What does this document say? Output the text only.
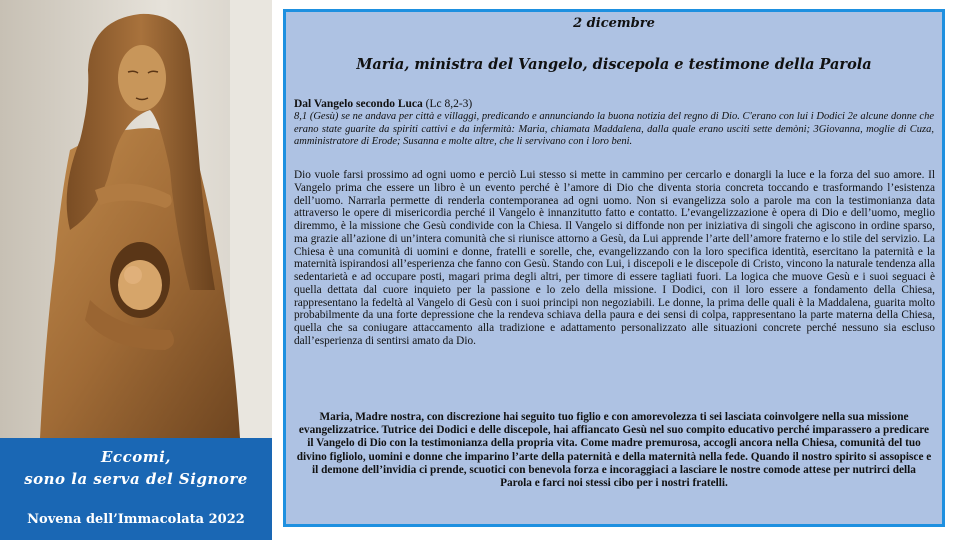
Eccomi,
sono la serva del Signore
Novena dell’Immacolata 2022
2 dicembre
Maria, ministra del Vangelo, discepola e testimone della Parola
Dal Vangelo secondo Luca (Lc 8,2-3)
8,1 (Gesù) se ne andava per città e villaggi, predicando e annunciando la buona notizia del regno di Dio. C'erano con lui i Dodici 2e alcune donne che erano state guarite da spiriti cattivi e da infermità: Maria, chiamata Maddalena, dalla quale erano usciti sette demòni; 3Giovanna, moglie di Cuza, amministratore di Erode; Susanna e molte altre, che li servivano con i loro beni.
Dio vuole farsi prossimo ad ogni uomo e perciò Lui stesso si mette in cammino per cercarlo e donargli la luce e la forza del suo amore. Il Vangelo prima che essere un libro è un evento perché è l’amore di Dio che diventa storia concreta toccando e trasformando l’esistenza dell’uomo. Narrarla permette di renderla contemporanea ad ogni uomo. Non si evangelizza solo a parole ma con la testimonianza data attraverso le opere di misericordia perché il Vangelo è innanzitutto fatto e contatto. L’evangelizzazione è opera di Dio e dell’uomo, meglio diremmo, è la missione che Gesù condivide con la Chiesa. Il Vangelo si diffonde non per iniziativa di singoli che agiscono in ordine sparso, ma grazie all’azione di un’intera comunità che si riunisce attorno a Gesù, da Lui apprende l’arte dell’amore fraterno e lo stile del servizio. La Chiesa è una comunità di uomini e donne, fratelli e sorelle, che, evangelizzando con la loro specifica identità, esercitano la paternità e la maternità ispirandosi all’esperienza che fanno con Gesù. Stando con Lui, i discepoli e le discepole di Cristo, vincono la naturale tendenza alla sedentarietà e ad occupare posti, magari prima degli altri, per timore di essere tagliati fuori. La logica che muove Gesù e i suoi seguaci è quella dettata dal cuore inquieto per la passione e lo zelo della missione. I Dodici, con il loro essere a fondamento della Chiesa, rappresentano la fedeltà al Vangelo di Gesù con i suoi principi non negoziabili. Le donne, la prima delle quali è la Maddalena, guarita molto probabilmente da una forte depressione che la rendeva schiava della paura e dei sensi di colpa, rappresentano la parte materna della Chiesa, quella che sa coniugare attaccamento alla tradizione e adattamento personalizzato alle situazioni concrete perché nessuno sia escluso dall’esperienza di sentirsi amato da Dio.
Maria, Madre nostra, con discrezione hai seguito tuo figlio e con amorevolezza ti sei lasciata coinvolgere nella sua missione evangelizzatrice. Tutrice dei Dodici e delle discepole, hai affiancato Gesù nel suo compito educativo perché imparassero a predicare il Vangelo di Dio con la testimonianza della propria vita. Come madre premurosa, accogli ancora nella Chiesa, comunità del tuo divino figliolo, uomini e donne che imparino l’arte della paternità e della maternità nella fede. Quando il nostro spirito si assopisce e il demone dell’invidia ci prende, scuotici con benevola forza e incoraggiaci a lasciare le nostre comode attese per nutrirci della Parola e farci noi stessi cibo per i nostri fratelli.
